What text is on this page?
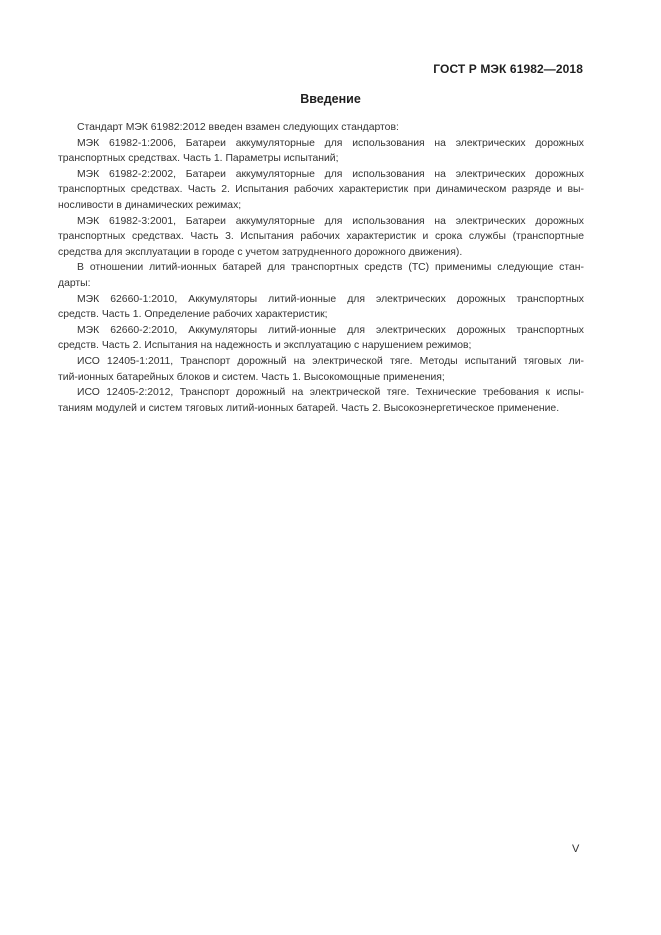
ГОСТ Р МЭК 61982—2018
Введение

Стандарт МЭК 61982:2012 введен взамен следующих стандартов:

МЭК 61982-1:2006, Батареи аккумуляторные для использования на электрических дорожных
транспортных средствах. Часть 1. Параметры испытаний;

МЭК 61982-2:2002, Батареи аккумуляторные для использования на электрических дорожных
транспортных средствах. Часть 2. Испытания рабочих характеристик при динамическом разряде и вы-
носливости в динамических режимах;

МЭК 61982-3:2001, Батареи аккумуляторные для использования на электрических дорожных
транспортных средствах. Часть 3. Испытания рабочих характеристик и срока службы (транспортные
средства для эксплуатации в городе с учетом затрудненного дорожного движения).

В отношении литий-ионных батарей для транспортных средств (ТС) применимы следующие стан-
дарты:

МЭК 62660-1:2010, Аккумуляторы литий-ионные для электрических дорожных транспортных
средств. Часть 1. Определение рабочих характеристик;

МЭК 62660-2:2010, Аккумуляторы литий-ионные для электрических дорожных транспортных
средств. Часть 2. Испытания на надежность и эксплуатацию с нарушением режимов;

ИСО 12405-1:2011, Транспорт дорожный на электрической тяге. Методы испытаний тяговых ли-
тий-ионных батарейных блоков и систем. Часть 1. Высокомощные применения;

ИСО 12405-2:2012, Транспорт дорожный на электрической тяге. Технические требования к испы-
таниям модулей и систем тяговых литий-ионных батарей. Часть 2. Высокоэнергетическое применение.

V
